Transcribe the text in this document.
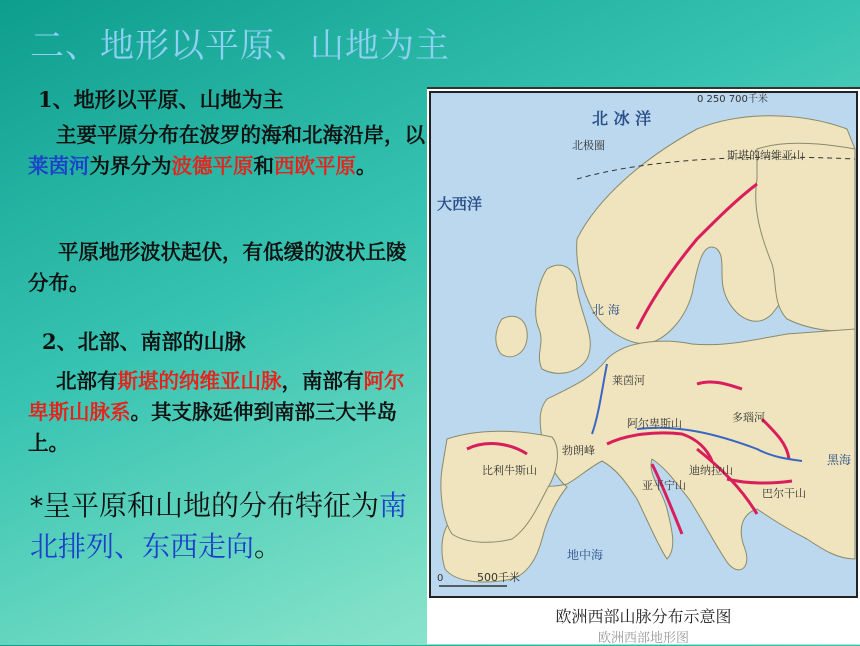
二、地形以平原、山地为主
1、地形以平原、山地为主
主要平原分布在波罗的海和北海沿岸，以莱茵河为界分为波德平原和西欧平原。
平原地形波状起伏，有低缓的波状丘陵分布。
2、北部、南部的山脉
北部有斯堪的纳维亚山脉，南部有阿尔卑斯山脉系。其支脉延伸到南部三大半岛上。
*呈平原和山地的分布特征为南北排列、东西走向。
北 冰 洋
北极圈
大西洋
北 海
地中海
黑海
斯堪的纳维亚山
莱茵河
阿尔卑斯山
勃朗峰
迪纳拉山
多瑙河
巴尔干山
比利牛斯山
亚平宁山
0 250 700千米
0	500千米
欧洲西部山脉分布示意图
欧洲西部地形图
